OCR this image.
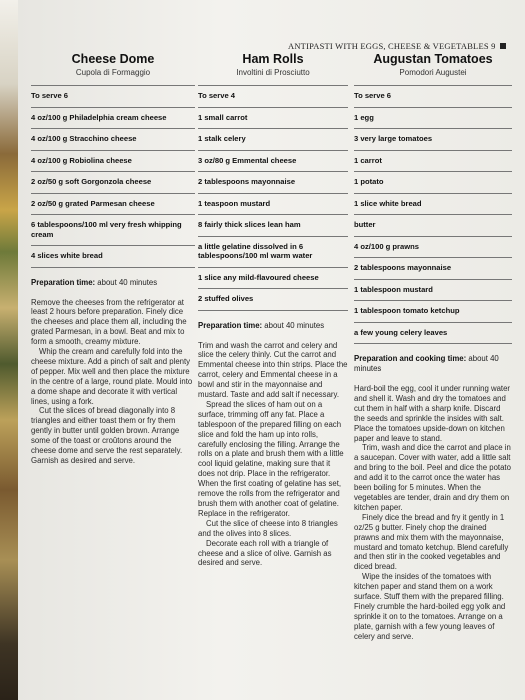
ANTIPASTI WITH EGGS, CHEESE & VEGETABLES 9
Cheese Dome
Cupola di Formaggio
To serve 6
4 oz/100 g Philadelphia cream cheese
4 oz/100 g Stracchino cheese
4 oz/100 g Robiolina cheese
2 oz/50 g soft Gorgonzola cheese
2 oz/50 g grated Parmesan cheese
6 tablespoons/100 ml very fresh whipping cream
4 slices white bread
Preparation time: about 40 minutes

Remove the cheeses from the refrigerator at least 2 hours before preparation. Finely dice the cheeses and place them all, including the grated Parmesan, in a bowl. Beat and mix to form a smooth, creamy mixture.

Whip the cream and carefully fold into the cheese mixture. Add a pinch of salt and plenty of pepper. Mix well and then place the mixture in the centre of a large, round plate. Mould into a dome shape and decorate it with vertical lines, using a fork.

Cut the slices of bread diagonally into 8 triangles and either toast them or fry them gently in butter until golden brown. Arrange some of the toast or croûtons around the cheese dome and serve the rest separately. Garnish as desired and serve.

Ham Rolls
Involtini di Prosciutto
To serve 4
1 small carrot
1 stalk celery
3 oz/80 g Emmental cheese
2 tablespoons mayonnaise
1 teaspoon mustard
8 fairly thick slices lean ham
a little gelatine dissolved in 6 tablespoons/100 ml warm water
1 slice any mild-flavoured cheese
2 stuffed olives
Preparation time: about 40 minutes

Trim and wash the carrot and celery and slice the celery thinly. Cut the carrot and Emmental cheese into thin strips. Place the carrot, celery and Emmental cheese in a bowl and stir in the mayonnaise and mustard. Taste and add salt if necessary.

Spread the slices of ham out on a surface, trimming off any fat. Place a tablespoon of the prepared filling on each slice and fold the ham up into rolls, carefully enclosing the filling. Arrange the rolls on a plate and brush them with a little cool liquid gelatine, making sure that it does not drip. Place in the refrigerator. When the first coating of gelatine has set, remove the rolls from the refrigerator and brush them with another coat of gelatine. Replace in the refrigerator.

Cut the slice of cheese into 8 triangles and the olives into 8 slices.

Decorate each roll with a triangle of cheese and a slice of olive. Garnish as desired and serve.

Augustan Tomatoes
Pomodori Augustei
To serve 6
1 egg
3 very large tomatoes
1 carrot
1 potato
1 slice white bread
butter
4 oz/100 g prawns
2 tablespoons mayonnaise
1 tablespoon mustard
1 tablespoon tomato ketchup
a few young celery leaves
Preparation and cooking time: about 40 minutes

Hard-boil the egg, cool it under running water and shell it. Wash and dry the tomatoes and cut them in half with a sharp knife. Discard the seeds and sprinkle the insides with salt. Place the tomatoes upside-down on kitchen paper and leave to stand.

Trim, wash and dice the carrot and place in a saucepan. Cover with water, add a little salt and bring to the boil. Peel and dice the potato and add it to the carrot once the water has been boiling for 5 minutes. When the vegetables are tender, drain and dry them on kitchen paper.

Finely dice the bread and fry it gently in 1 oz/25 g butter. Finely chop the drained prawns and mix them with the mayonnaise, mustard and tomato ketchup. Blend carefully and then stir in the cooked vegetables and diced bread.

Wipe the insides of the tomatoes with kitchen paper and stand them on a work surface. Stuff them with the prepared filling. Finely crumble the hard-boiled egg yolk and sprinkle it on to the tomatoes. Arrange on a plate, garnish with a few young leaves of celery and serve.
